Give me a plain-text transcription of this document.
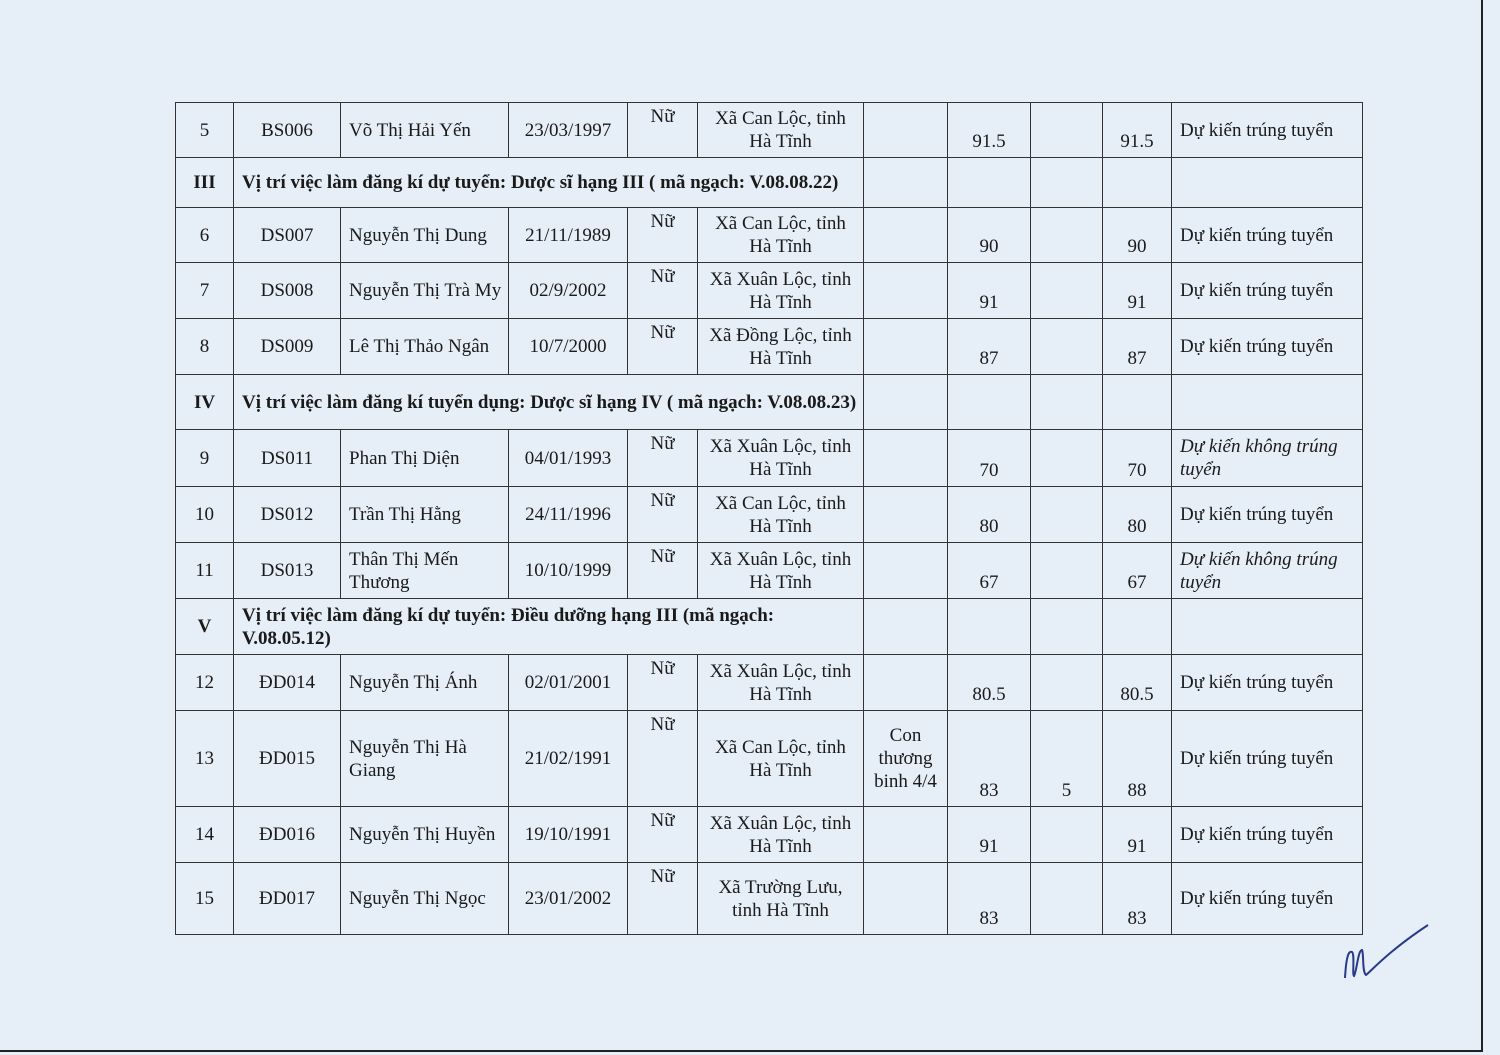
5	BS006	Võ Thị Hải Yến	23/03/1997	Nữ	Xã Can Lộc, tỉnh Hà Tĩnh		91.5		91.5	Dự kiến trúng tuyển
III	Vị trí việc làm đăng kí dự tuyển: Dược sĩ hạng III ( mã ngạch: V.08.08.22)									
6	DS007	Nguyễn Thị Dung	21/11/1989	Nữ	Xã Can Lộc, tỉnh Hà Tĩnh		90		90	Dự kiến trúng tuyển
7	DS008	Nguyễn Thị Trà My	02/9/2002	Nữ	Xã Xuân Lộc, tỉnh Hà Tĩnh		91		91	Dự kiến trúng tuyển
8	DS009	Lê Thị Thảo Ngân	10/7/2000	Nữ	Xã Đồng Lộc, tỉnh Hà Tĩnh		87		87	Dự kiến trúng tuyển
IV	Vị trí việc làm đăng kí tuyển dụng: Dược sĩ hạng IV ( mã ngạch: V.08.08.23)									
9	DS011	Phan Thị Diện	04/01/1993	Nữ	Xã Xuân Lộc, tỉnh Hà Tĩnh		70		70	Dự kiến không trúng tuyển
10	DS012	Trần Thị Hằng	24/11/1996	Nữ	Xã Can Lộc, tỉnh Hà Tĩnh		80		80	Dự kiến trúng tuyển
11	DS013	Thân Thị Mến Thương	10/10/1999	Nữ	Xã Xuân Lộc, tỉnh Hà Tĩnh		67		67	Dự kiến không trúng tuyển
V	Vị trí việc làm đăng kí dự tuyển: Điều dưỡng hạng III (mã ngạch: V.08.05.12)									
12	ĐD014	Nguyễn Thị Ánh	02/01/2001	Nữ	Xã Xuân Lộc, tỉnh Hà Tĩnh		80.5		80.5	Dự kiến trúng tuyển
13	ĐD015	Nguyễn Thị Hà Giang	21/02/1991	Nữ	Xã Can Lộc, tỉnh Hà Tĩnh	Con thương binh 4/4	83	5	88	Dự kiến trúng tuyển
14	ĐD016	Nguyễn Thị Huyền	19/10/1991	Nữ	Xã Xuân Lộc, tỉnh Hà Tĩnh		91		91	Dự kiến trúng tuyển
15	ĐD017	Nguyễn Thị Ngọc	23/01/2002	Nữ	Xã Trường Lưu, tỉnh Hà Tĩnh		83		83	Dự kiến trúng tuyển
